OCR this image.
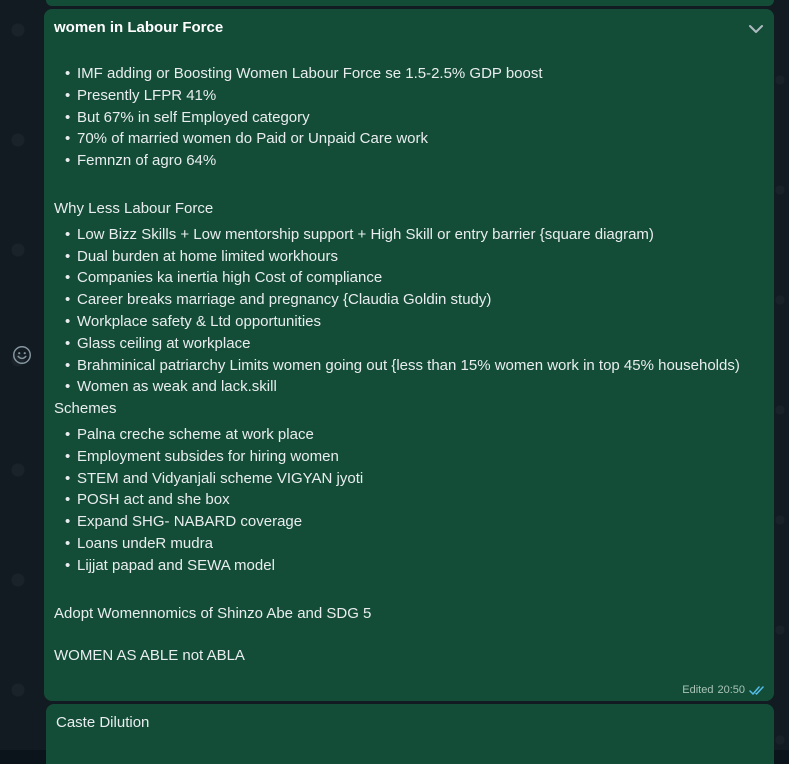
women in Labour Force
• IMF adding or Boosting Women Labour Force se 1.5-2.5% GDP boost
• Presently LFPR 41%
• But 67% in self Employed category
• 70% of married women do Paid or Unpaid Care work
• Femnzn of agro 64%
Why Less Labour Force
• Low Bizz Skills + Low mentorship support + High Skill or entry barrier {square diagram)
• Dual burden at home limited workhours
• Companies ka inertia high Cost of compliance
• Career breaks marriage and pregnancy {Claudia Goldin study)
• Workplace safety & Ltd opportunities
• Glass ceiling at workplace
• Brahminical patriarchy Limits women going out {less than 15% women work in top 45% households)
• Women as weak and lack.skill
Schemes
• Palna creche scheme at work place
• Employment subsides for hiring women
• STEM and Vidyanjali scheme VIGYAN jyoti
• POSH act and she box
• Expand SHG- NABARD coverage
• Loans undeR mudra
• Lijjat papad and SEWA model
Adopt Womennomics of Shinzo Abe and SDG 5
WOMEN AS ABLE not ABLA
Edited 20:50
Caste Dilution
